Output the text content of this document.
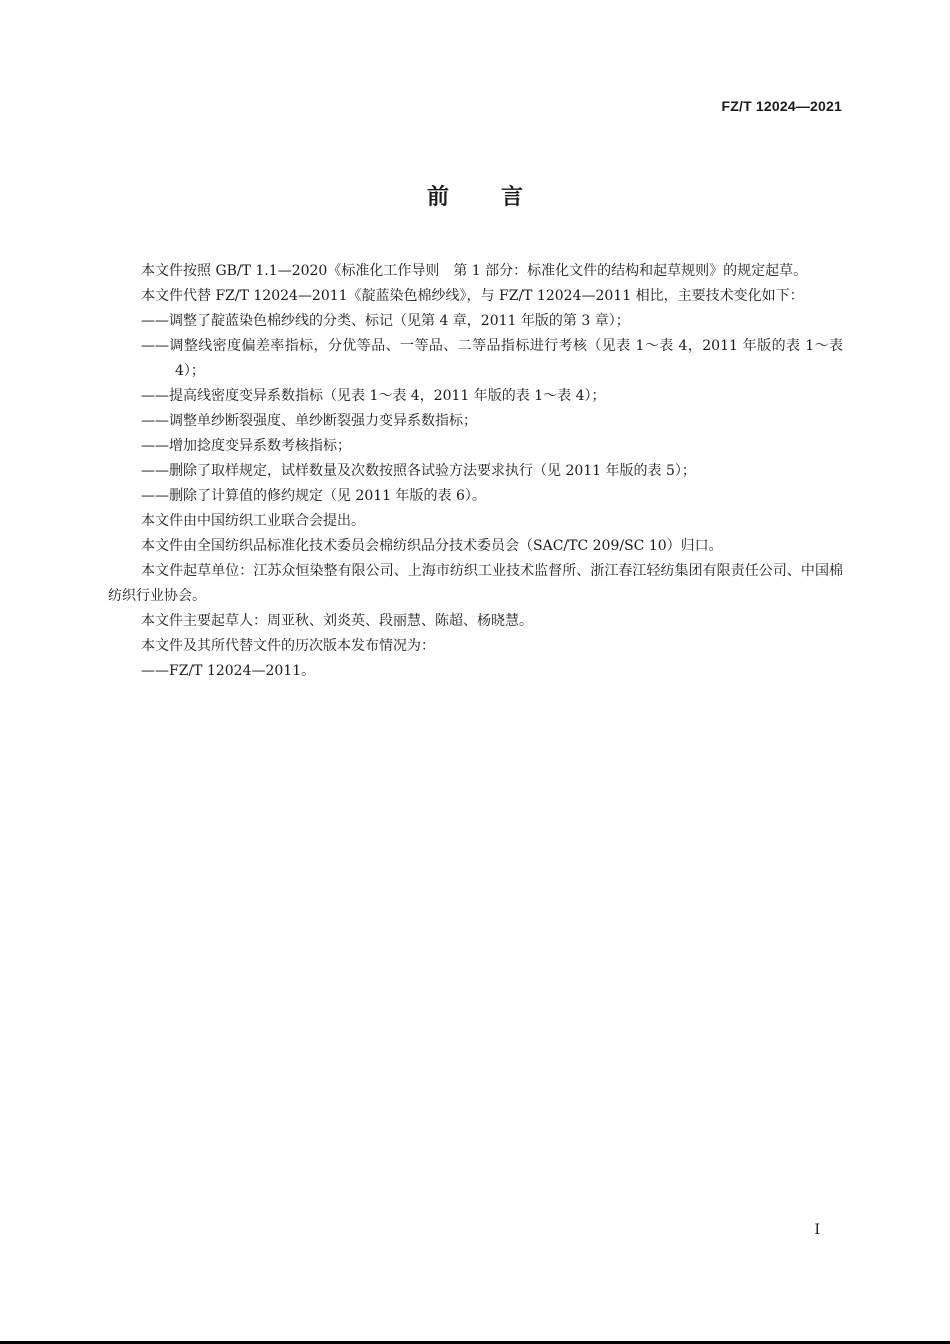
FZ/T 12024—2021
前言

本文件按照 GB/T 1.1—2020《标准化工作导则　第 1 部分：标准化文件的结构和起草规则》的规定起草。

本文件代替 FZ/T 12024—2011《靛蓝染色棉纱线》，与 FZ/T 12024—2011 相比，主要技术变化如下：

——调整了靛蓝染色棉纱线的分类、标记（见第 4 章，2011 年版的第 3 章）；

——调整线密度偏差率指标，分优等品、一等品、二等品指标进行考核（见表 1～表 4，2011 年版的表 1～表 4）；

——提高线密度变异系数指标（见表 1～表 4，2011 年版的表 1～表 4）；

——调整单纱断裂强度、单纱断裂强力变异系数指标；

——增加捻度变异系数考核指标；

——删除了取样规定，试样数量及次数按照各试验方法要求执行（见 2011 年版的表 5）；

——删除了计算值的修约规定（见 2011 年版的表 6）。

本文件由中国纺织工业联合会提出。

本文件由全国纺织品标准化技术委员会棉纺织品分技术委员会（SAC/TC 209/SC 10）归口。

本文件起草单位：江苏众恒染整有限公司、上海市纺织工业技术监督所、浙江春江轻纺集团有限责任公司、中国棉纺织行业协会。

本文件主要起草人：周亚秋、刘炎英、段丽慧、陈超、杨晓慧。

本文件及其所代替文件的历次版本发布情况为：

——FZ/T 12024—2011。

I
